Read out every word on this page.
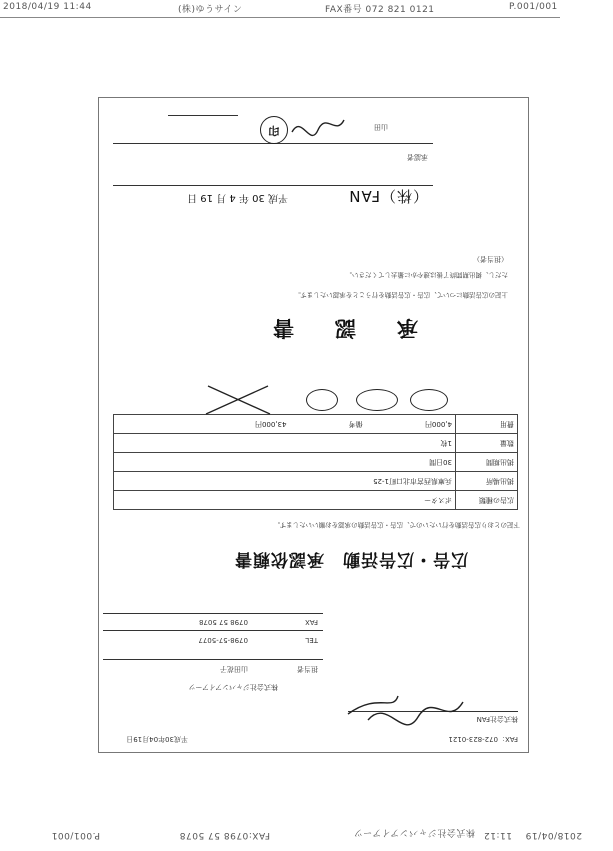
2018/04/19 11:44	(株)ゆうサイン	FAX番号 072 821 0121	P.001/001
2018/04/19
11:12
株式会社ジャパンアイアーツ
FAX:0798 57 5078
P.001/001
FAX：072-823-0121
平成30年04月19日
株式会社FAN
株式会社ジャパンアイアーツ
担当者
山田花子
TEL
0798-57-5077
FAX
0798 57 5078
広告・広告活動　承認依頼書
下記のとおり広告活動を行いたいので、広告・広告活動の承認をお願いいたします。
広告の種類	ポスター
掲出場所	兵庫県西宮市北口町1-25
掲出期間	30日間
数量	1枚
費用	4,000円 備考 43,000円
承　認　書
上記の広告活動について、広告・広告活動を行うことを承認いたします。
ただし、掲出期間終了後は速やかに撤去してください。
（担当者）
（株）FAN
平成 30 年 4 月 19 日
承認者
山田
印
